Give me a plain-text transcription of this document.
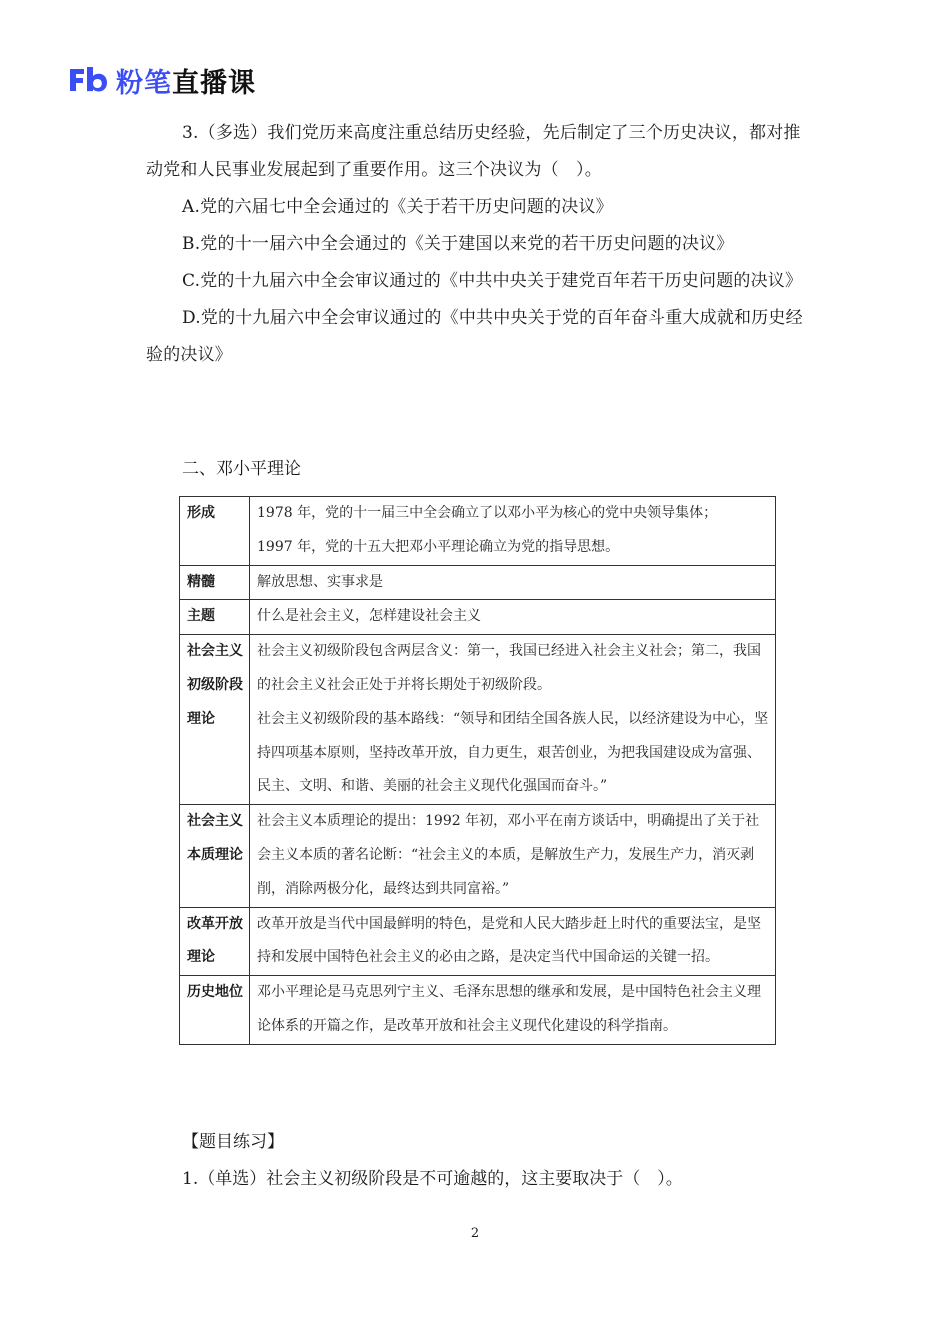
粉笔直播课

3.（多选）我们党历来高度注重总结历史经验，先后制定了三个历史决议，都对推动党和人民事业发展起到了重要作用。这三个决议为（　）。

A.党的六届七中全会通过的《关于若干历史问题的决议》

B.党的十一届六中全会通过的《关于建国以来党的若干历史问题的决议》

C.党的十九届六中全会审议通过的《中共中央关于建党百年若干历史问题的决议》

D.党的十九届六中全会审议通过的《中共中央关于党的百年奋斗重大成就和历史经验的决议》

二、邓小平理论

形成	1978 年，党的十一届三中全会确立了以邓小平为核心的党中央领导集体；

1997 年，党的十五大把邓小平理论确立为党的指导思想。

精髓	解放思想、实事求是

主题	什么是社会主义，怎样建设社会主义

社会主义初级阶段理论	社会主义初级阶段包含两层含义：第一，我国已经进入社会主义社会；第二，我国的社会主义社会正处于并将长期处于初级阶段。

社会主义初级阶段的基本路线：“领导和团结全国各族人民，以经济建设为中心，坚持四项基本原则，坚持改革开放，自力更生，艰苦创业，为把我国建设成为富强、民主、文明、和谐、美丽的社会主义现代化强国而奋斗。”

社会主义本质理论	社会主义本质理论的提出：1992 年初，邓小平在南方谈话中，明确提出了关于社会主义本质的著名论断：“社会主义的本质，是解放生产力，发展生产力，消灭剥削，消除两极分化，最终达到共同富裕。”

改革开放理论	改革开放是当代中国最鲜明的特色，是党和人民大踏步赶上时代的重要法宝，是坚持和发展中国特色社会主义的必由之路，是决定当代中国命运的关键一招。

历史地位	邓小平理论是马克思列宁主义、毛泽东思想的继承和发展，是中国特色社会主义理论体系的开篇之作，是改革开放和社会主义现代化建设的科学指南。

【题目练习】

1.（单选）社会主义初级阶段是不可逾越的，这主要取决于（　）。

2
